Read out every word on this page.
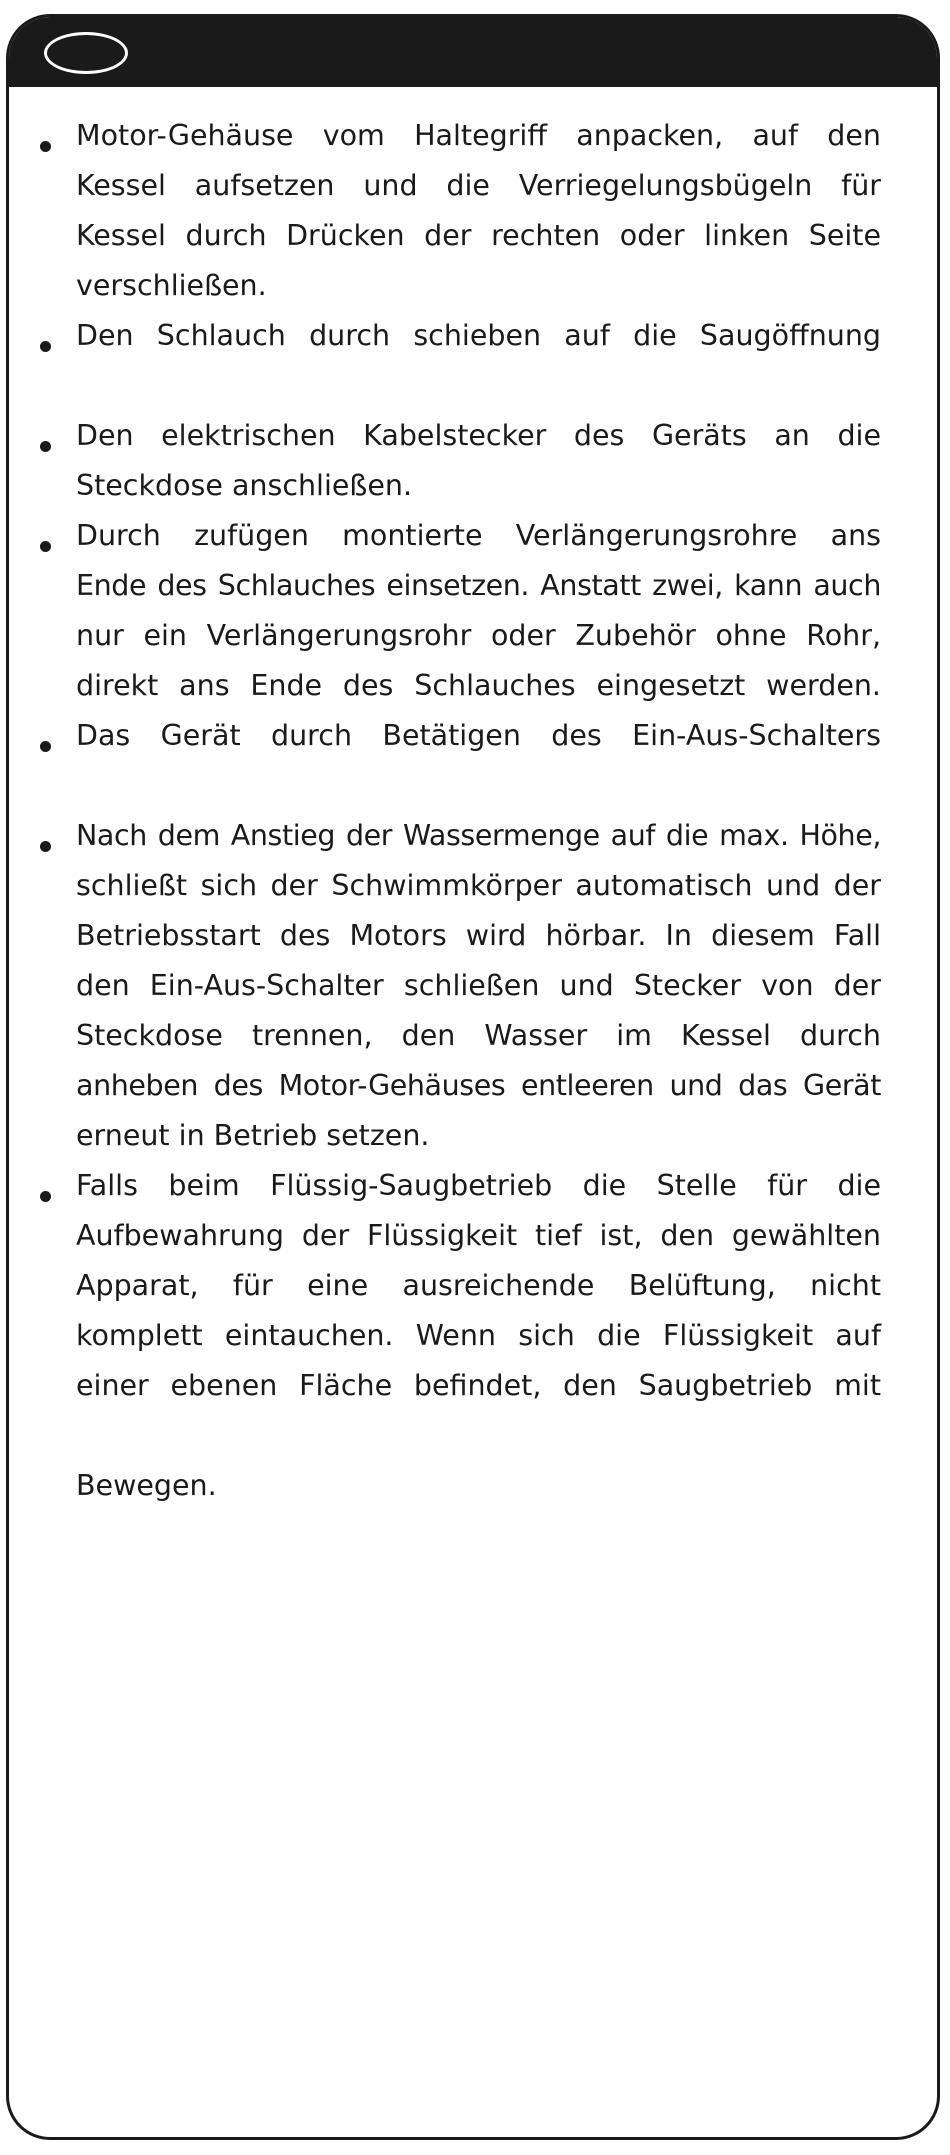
Motor-Gehäuse vom Haltegriff anpacken, auf den
Kessel aufsetzen und die Verriegelungsbügeln für
Kessel durch Drücken der rechten oder linken Seite
verschließen.
Den Schlauch durch schieben auf die Saugöffnung
Den elektrischen Kabelstecker des Geräts an die
Steckdose anschließen.
Durch zufügen montierte Verlängerungsrohre ans
Ende des Schlauches einsetzen. Anstatt zwei, kann auch
nur ein Verlängerungsrohr oder Zubehör ohne Rohr,
direkt ans Ende des Schlauches eingesetzt werden.
Das Gerät durch Betätigen des Ein-Aus-Schalters
Nach dem Anstieg der Wassermenge auf die max. Höhe,
schließt sich der Schwimmkörper automatisch und der
Betriebsstart des Motors wird hörbar. In diesem Fall
den Ein-Aus-Schalter schließen und Stecker von der
Steckdose trennen, den Wasser im Kessel durch
anheben des Motor-Gehäuses entleeren und das Gerät
erneut in Betrieb setzen.
Falls beim Flüssig-Saugbetrieb die Stelle für die
Aufbewahrung der Flüssigkeit tief ist, den gewählten
Apparat, für eine ausreichende Belüftung, nicht
komplett eintauchen. Wenn sich die Flüssigkeit auf
einer ebenen Fläche befindet, den Saugbetrieb mit
Bewegen.
